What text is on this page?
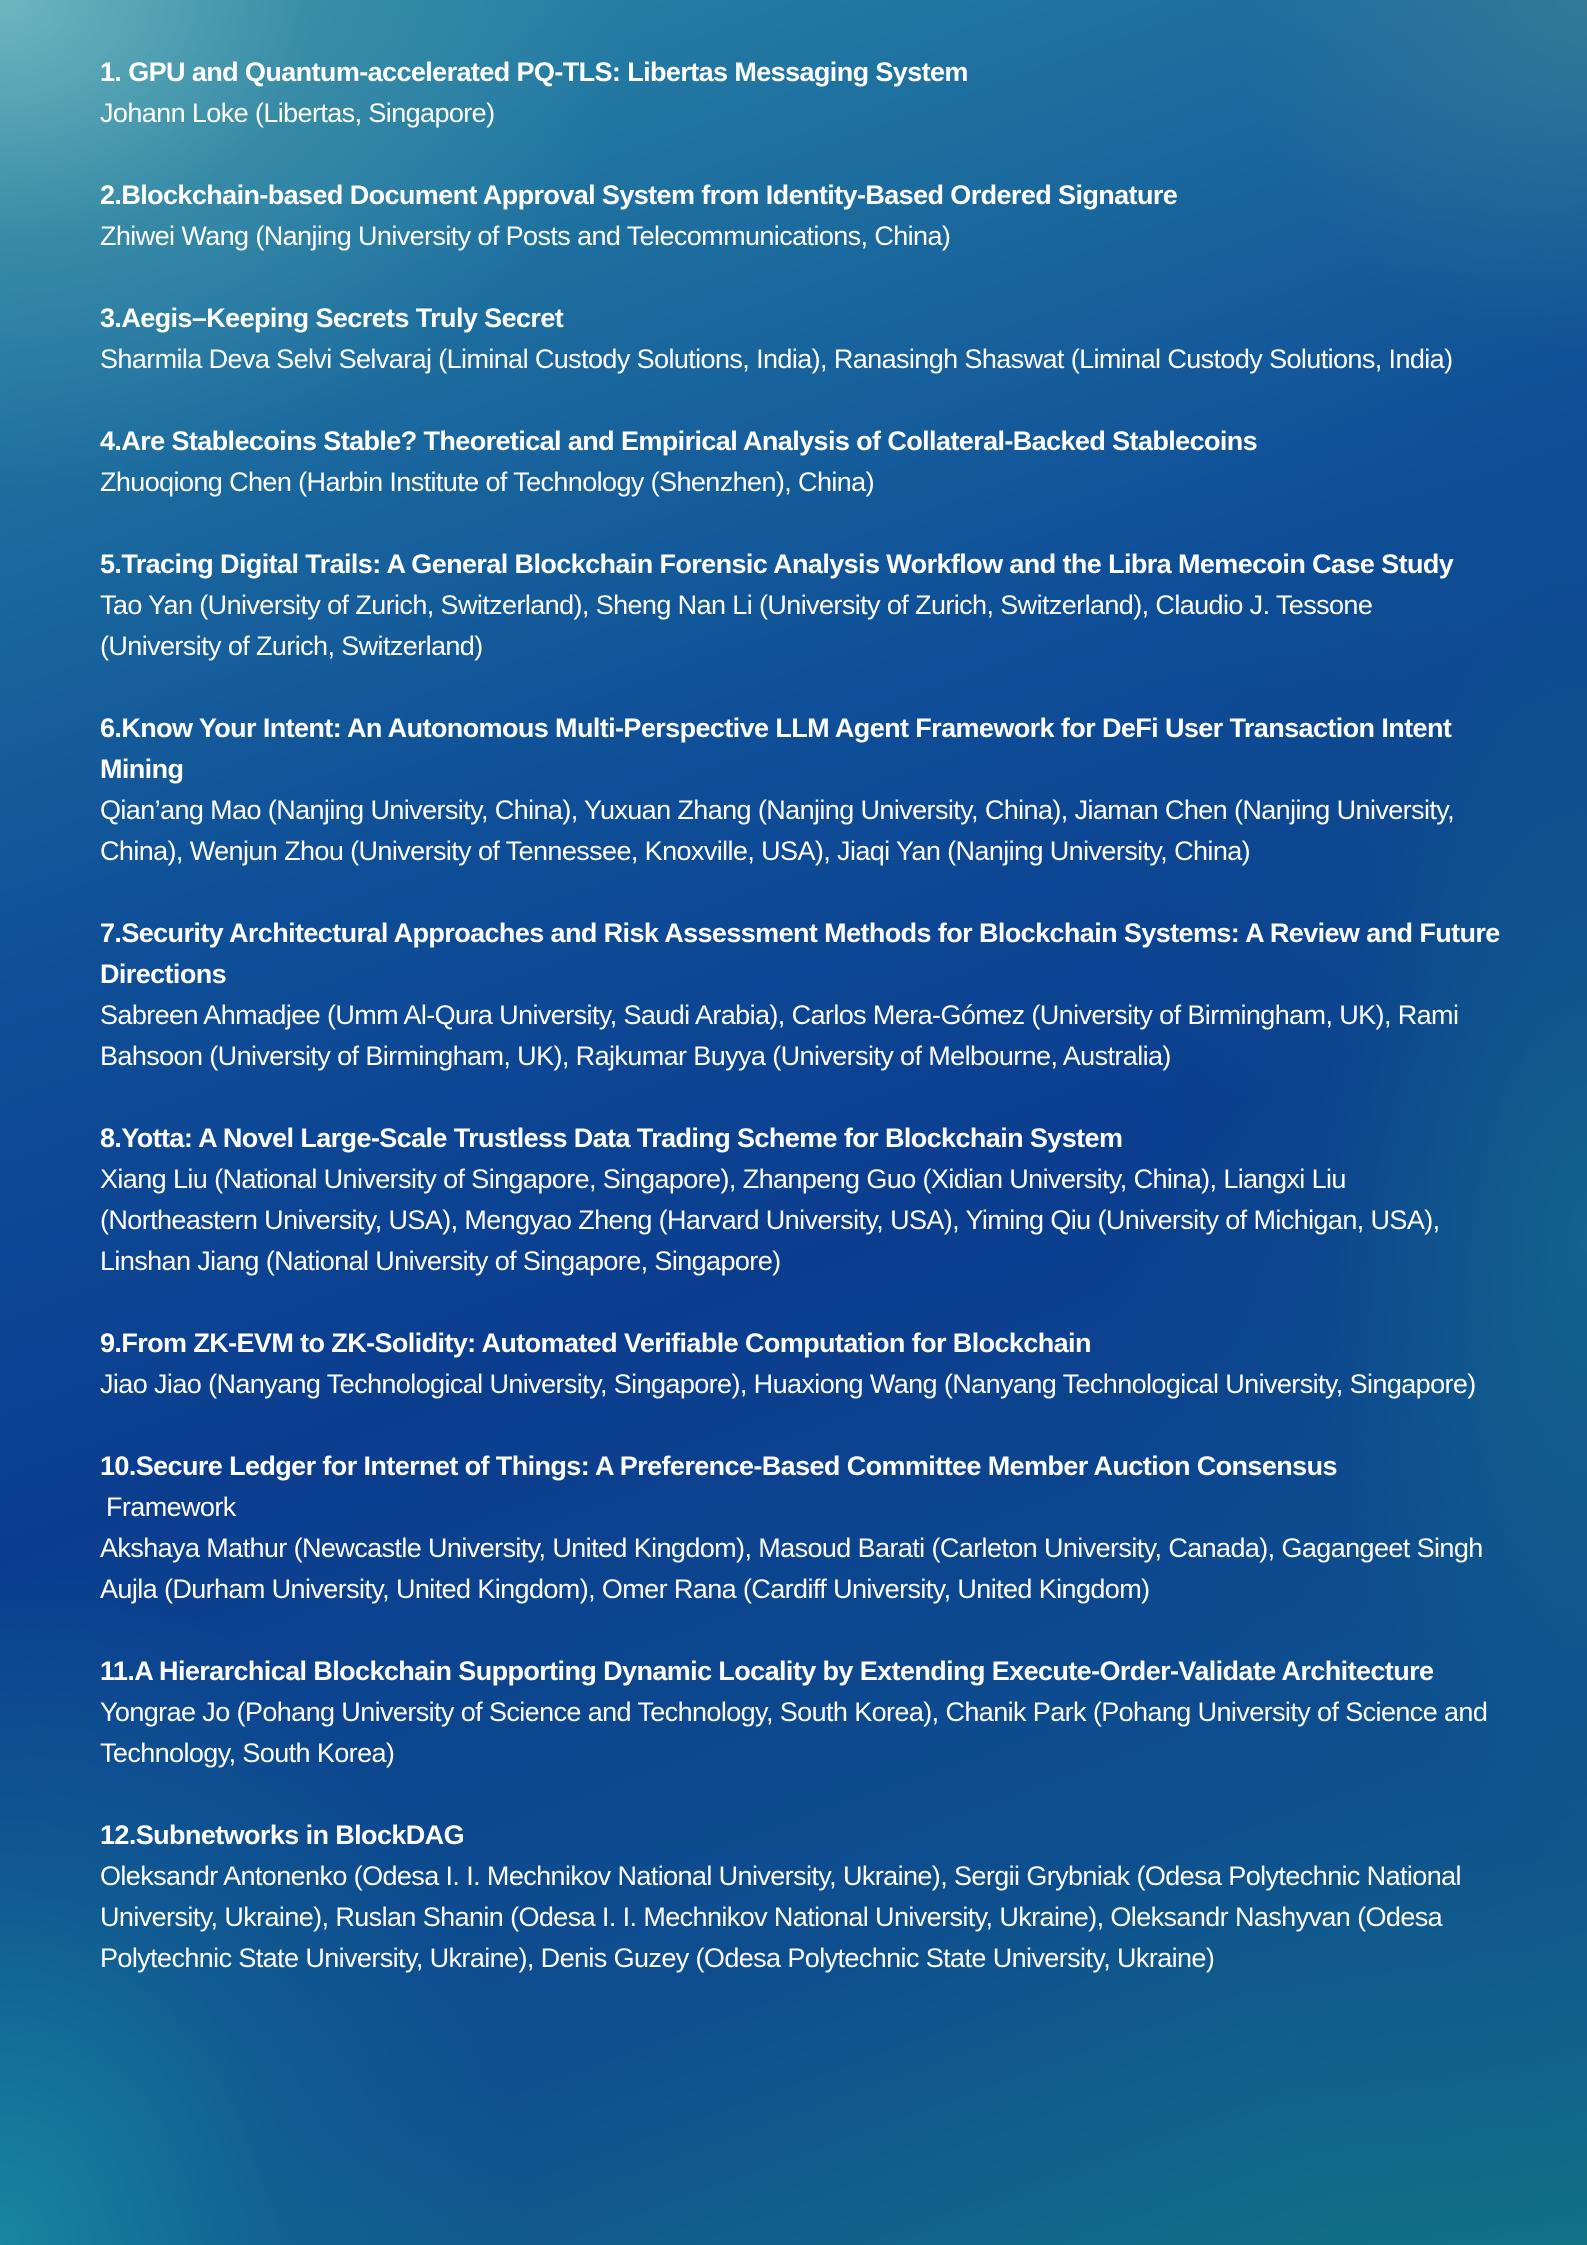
1. GPU and Quantum-accelerated PQ-TLS: Libertas Messaging System
Johann Loke (Libertas, Singapore)
2.Blockchain-based Document Approval System from Identity-Based Ordered Signature
Zhiwei Wang (Nanjing University of Posts and Telecommunications, China)
3.Aegis–Keeping Secrets Truly Secret
Sharmila Deva Selvi Selvaraj (Liminal Custody Solutions, India), Ranasingh Shaswat (Liminal Custody Solutions, India)
4.Are Stablecoins Stable? Theoretical and Empirical Analysis of Collateral-Backed Stablecoins
Zhuoqiong Chen (Harbin Institute of Technology (Shenzhen), China)
5.Tracing Digital Trails: A General Blockchain Forensic Analysis Workflow and the Libra Memecoin Case Study
Tao Yan (University of Zurich, Switzerland), Sheng Nan Li (University of Zurich, Switzerland), Claudio J. Tessone (University of Zurich, Switzerland)
6.Know Your Intent: An Autonomous Multi-Perspective LLM Agent Framework for DeFi User Transaction Intent Mining
Qian’ang Mao (Nanjing University, China), Yuxuan Zhang (Nanjing University, China), Jiaman Chen (Nanjing University, China), Wenjun Zhou (University of Tennessee, Knoxville, USA), Jiaqi Yan (Nanjing University, China)
7.Security Architectural Approaches and Risk Assessment Methods for Blockchain Systems: A Review and Future Directions
Sabreen Ahmadjee (Umm Al-Qura University, Saudi Arabia), Carlos Mera-Gómez (University of Birmingham, UK), Rami Bahsoon (University of Birmingham, UK), Rajkumar Buyya (University of Melbourne, Australia)
8.Yotta: A Novel Large-Scale Trustless Data Trading Scheme for Blockchain System
Xiang Liu (National University of Singapore, Singapore), Zhanpeng Guo (Xidian University, China), Liangxi Liu (Northeastern University, USA), Mengyao Zheng (Harvard University, USA), Yiming Qiu (University of Michigan, USA), Linshan Jiang (National University of Singapore, Singapore)
9.From ZK-EVM to ZK-Solidity: Automated Verifiable Computation for Blockchain
Jiao Jiao (Nanyang Technological University, Singapore), Huaxiong Wang (Nanyang Technological University, Singapore)
10.Secure Ledger for Internet of Things: A Preference-Based Committee Member Auction Consensus
Framework
Akshaya Mathur (Newcastle University, United Kingdom), Masoud Barati (Carleton University, Canada), Gagangeet Singh Aujla (Durham University, United Kingdom), Omer Rana (Cardiff University, United Kingdom)
11.A Hierarchical Blockchain Supporting Dynamic Locality by Extending Execute-Order-Validate Architecture
Yongrae Jo (Pohang University of Science and Technology, South Korea), Chanik Park (Pohang University of Science and Technology, South Korea)
12.Subnetworks in BlockDAG
Oleksandr Antonenko (Odesa I. I. Mechnikov National University, Ukraine), Sergii Grybniak (Odesa Polytechnic National University, Ukraine), Ruslan Shanin (Odesa I. I. Mechnikov National University, Ukraine), Oleksandr Nashyvan (Odesa Polytechnic State University, Ukraine), Denis Guzey (Odesa Polytechnic State University, Ukraine)
